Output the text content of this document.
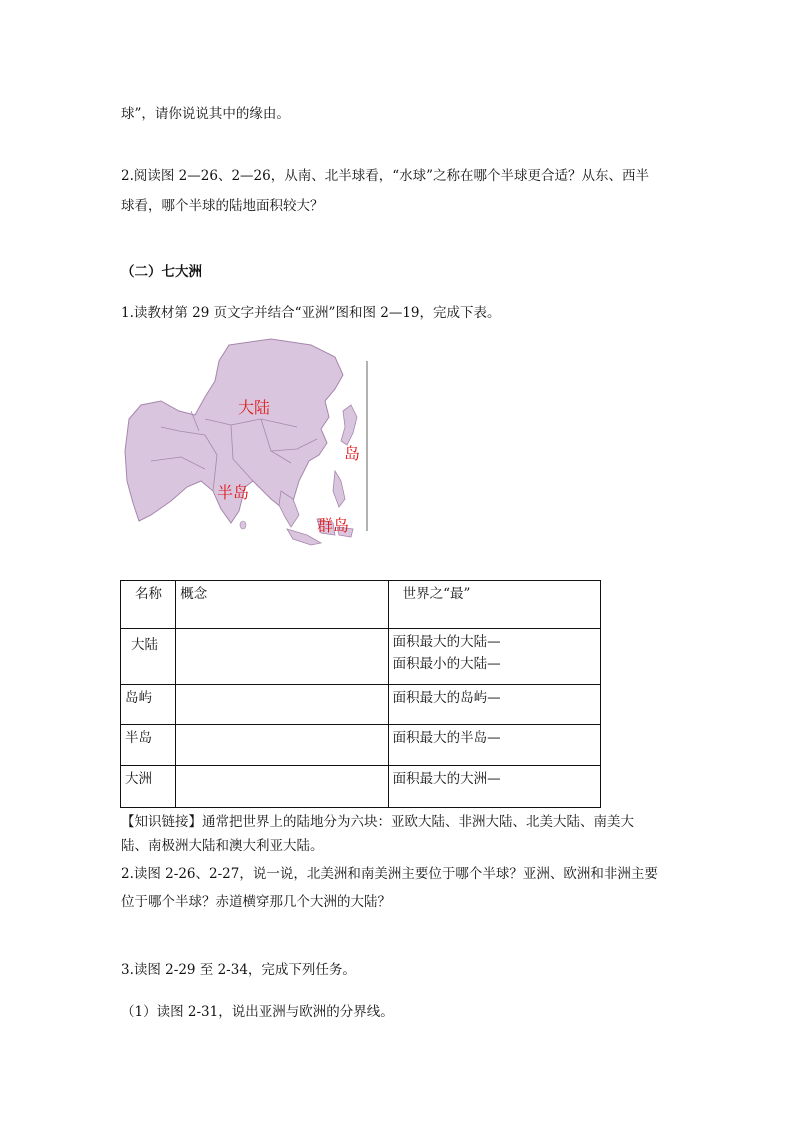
球”，请你说说其中的缘由。
2.阅读图 2—26、2—26，从南、北半球看，“水球”之称在哪个半球更合适？从东、西半
球看，哪个半球的陆地面积较大？
（二）七大洲
1.读教材第 29 页文字并结合“亚洲”图和图 2—19，完成下表。
大陆
岛
半岛
群岛
名称	概念	世界之“最”
大陆		面积最大的大陆—
面积最小的大陆—

岛屿		面积最大的岛屿—
半岛		面积最大的半岛—
大洲		面积最大的大洲—
【知识链接】通常把世界上的陆地分为六块：亚欧大陆、非洲大陆、北美大陆、南美大
陆、南极洲大陆和澳大利亚大陆。
2.读图 2-26、2-27，说一说，北美洲和南美洲主要位于哪个半球？亚洲、欧洲和非洲主要
位于哪个半球？赤道横穿那几个大洲的大陆？
3.读图 2-29 至 2-34，完成下列任务。
（1）读图 2-31，说出亚洲与欧洲的分界线。
